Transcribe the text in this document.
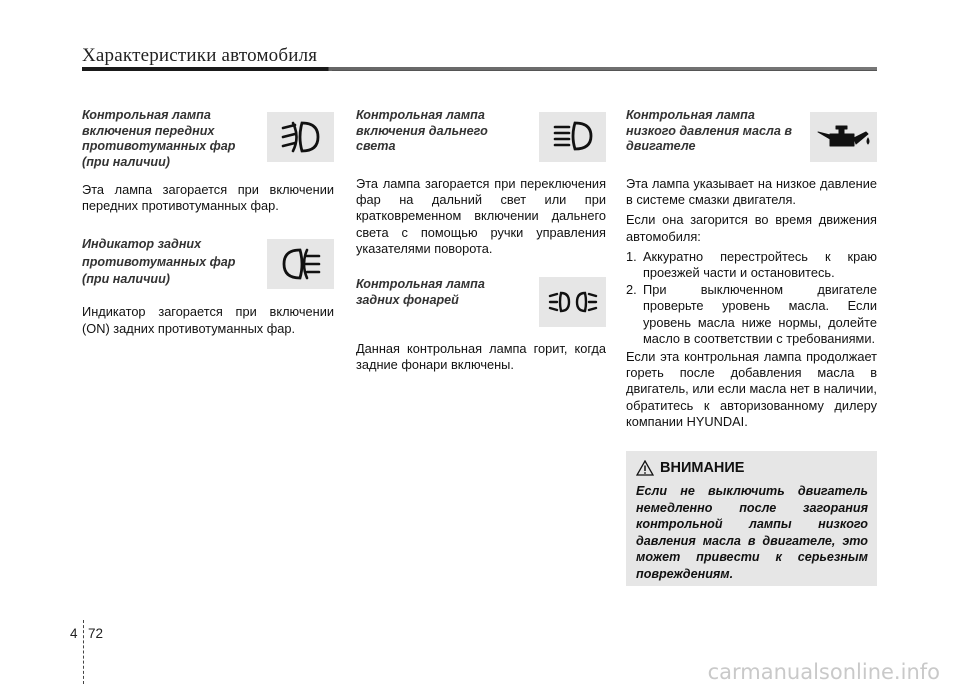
Характеристики автомобиля

Контрольная лампа включения передних противотуманных фар (при наличии)

Эта лампа загорается при включении передних противотуманных фар.

Индикатор задних противотуманных фар (при наличии)

Индикатор загорается при включении (ON) задних противотуманных фар.

Контрольная лампа включения дальнего света

Эта лампа загорается при переключения фар на дальний свет или при кратковременном включении дальнего света с помощью ручки управления указателями поворота.

Контрольная лампа задних фонарей

Данная контрольная лампа горит, когда задние фонари включены.

Контрольная лампа низкого давления масла в двигателе

Эта лампа указывает на низкое давление в системе смазки двигателя.

Если она загорится во время движения автомобиля:

1. Аккуратно перестройтесь к краю проезжей части и остановитесь.
2. При выключенном двигателе проверьте уровень масла. Если уровень масла ниже нормы, долейте масло в соответствии с требованиями.

Если эта контрольная лампа продолжает гореть после добавления масла в двигатель, или если масла нет в наличии, обратитесь к авторизованному дилеру компании HYUNDAI.

ВНИМАНИЕ
Если не выключить двигатель немедленно после загорания контрольной лампы низкого давления масла в двигателе, это может привести к серьезным повреждениям.
4 72
carmanualsonline.info
